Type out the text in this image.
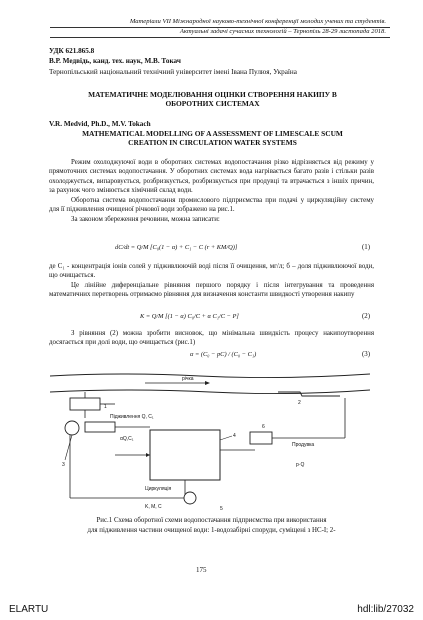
Матеріали VII Міжнародної науково-технічної конференції молодих учених та студентів.
Актуальні задачі сучасних технологій – Тернопіль 28-29 листопада 2018.
УДК 621.865.8
В.Р. Медвідь, канд. тех. наук, М.В. Токач
Тернопільський національний технічний університет імені Івана Пулюя, Україна
МАТЕМАТИЧНЕ МОДЕЛЮВАННЯ ОЦІНКИ СТВОРЕННЯ НАКИПУ В
ОБОРОТНИХ СИСТЕМАХ
V.R. Medvid, Ph.D., M.V. Tokach
MATHEMATICAL MODELLING OF A ASSESSMENT OF LIMESCALE SCUM
CREATION IN CIRCULATION WATER SYSTEMS
Режим охолоджуючої води в оборотних системах водопостачання різко відрізняється від режиму у прямоточних системах водопостачання. У оборотних системах вода нагрівається багато разів і стільки разів охолоджується, випаровується, розбризкується, розбризкується при продувці та втрачається з іншіх причин, за рахунок чого змінюється хімічний склад води.
Оборотна система водопостачання промислового підприємства при подачі у циркуляційну систему для її підживлення очищеної річкової води зображено на рис.1.
За законом збереження речовини, можна записати:
dC/dt = Q/M [C₀(1 − α) + C₁ − C (r + KM/Q)]	(1)
де C₁ - концентрація іонів солей у підживлюючій воді після її очищення, мг/л; б – доля підживлюючої води, що очищається.
Це лінійне диференціальне рівняння першого порядку і після інтегрування та проведення математичних перетворень отримаємо рівняння для визначення константи швидкості утворення накипу
K = Q/M [(1 − α) C₀/C + α C₁/C − P]	(2)
З рівняння (2) можна зробити висновок, що мінімальна швидкість процесу накипоутворення досягається при долі води, що очищається (рис.1)
α = (C₀ − pC) / (C₀ − C₁)	(3)
річка
1
2
Підживлення Q, C₁
3
αQ,C₁	4
6
Продувка
p·Q
Циркуляція
5
K, M, C
Рис.1 Схема оборотної схеми водопостачання підприємства при використання
для підживлення частини очищеної води: 1-водозабірні споруди, суміщені з НС-І; 2-
175
ELARTU	hdl:lib/27032
